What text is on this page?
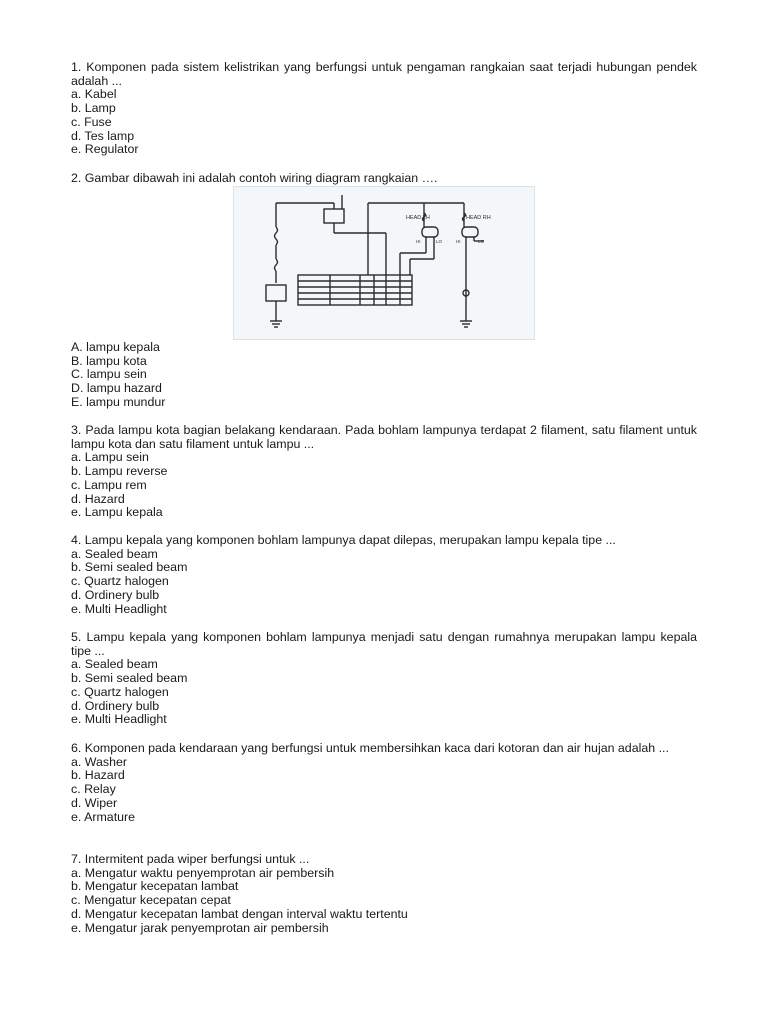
1. Komponen pada sistem kelistrikan yang berfungsi untuk pengaman rangkaian saat terjadi hubungan pendek adalah ...
a. Kabel
b. Lamp
c. Fuse
d. Tes lamp
e. Regulator
2. Gambar dibawah ini adalah contoh wiring diagram rangkaian ….
HEAD LH	HEAD RH
HI	LO	HI	LO
A. lampu kepala
B. lampu kota
C. lampu sein
D. lampu hazard
E. lampu mundur
3. Pada lampu kota bagian belakang kendaraan. Pada bohlam lampunya terdapat 2 filament, satu filament untuk lampu kota dan satu filament untuk lampu ...
a. Lampu sein
b. Lampu reverse
c. Lampu rem
d. Hazard
e. Lampu kepala
4. Lampu kepala yang komponen bohlam lampunya dapat dilepas, merupakan lampu kepala tipe ...
a. Sealed beam
b. Semi sealed beam
c. Quartz halogen
d. Ordinery bulb
e. Multi Headlight
5. Lampu kepala yang komponen bohlam lampunya menjadi satu dengan rumahnya merupakan lampu kepala tipe ...
a. Sealed beam
b. Semi sealed beam
c. Quartz halogen
d. Ordinery bulb
e. Multi Headlight
6. Komponen pada kendaraan yang berfungsi untuk membersihkan kaca dari kotoran dan air hujan adalah ...
a. Washer
b. Hazard
c. Relay
d. Wiper
e. Armature
7. Intermitent pada wiper berfungsi untuk ...
a. Mengatur waktu penyemprotan air pembersih
b. Mengatur kecepatan lambat
c. Mengatur kecepatan cepat
d. Mengatur kecepatan lambat dengan interval waktu tertentu
e. Mengatur jarak penyemprotan air pembersih
